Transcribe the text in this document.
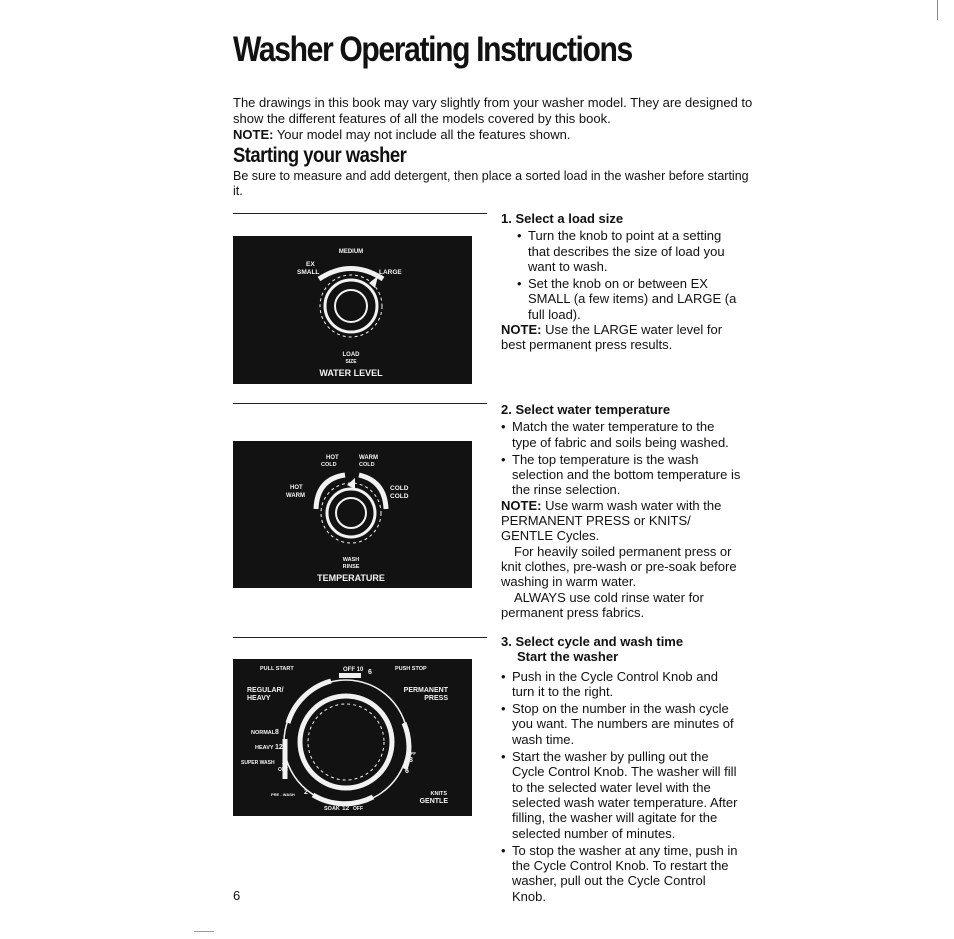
Washer Operating Instructions

The drawings in this book may vary slightly from your washer model. They are designed to show the different features of all the models covered by this book.

NOTE: Your model may not include all the features shown.

Starting your washer
Be sure to measure and add detergent, then place a sorted load in the washer before starting it.
MEDIUM
EX
SMALL	LARGE
LOAD
SIZE
WATER LEVEL

1. Select a load size

• Turn the knob to point at a setting that describes the size of load you want to wash.
• Set the knob on or between EX SMALL (a few items) and LARGE (a full load).

NOTE: Use the LARGE water level for best permanent press results.

HOT
COLD
WARM
COLD
HOT
WARM
COLD
COLD
WASH
RINSE
TEMPERATURE

2. Select water temperature

• Match the water temperature to the type of fabric and soils being washed.
• The top temperature is the wash selection and the bottom temperature is the rinse selection.

NOTE: Use warm wash water with the PERMANENT PRESS or KNITS/ GENTLE Cycles.

For heavily soiled permanent press or knit clothes, pre-wash or pre-soak before washing in warm water.

ALWAYS use cold rinse water for permanent press fabrics.

PULL START	PUSH STOP
OFF 10 6
REGULAR/
HEAVY
PERMANENT
PRESS
NORMAL 8
HEAVY 12
SUPER WASH 2
OFF
OFF
8
6
PRE - WASH 2
SOAK 12 OFF
KNITS
GENTLE

3. Select cycle and wash time

Start the washer

• Push in the Cycle Control Knob and turn it to the right.
• Stop on the number in the wash cycle you want. The numbers are minutes of wash time.
• Start the washer by pulling out the Cycle Control Knob. The washer will fill to the selected water level with the selected wash water temperature. After filling, the washer will agitate for the selected number of minutes.
• To stop the washer at any time, push in the Cycle Control Knob. To restart the washer, pull out the Cycle Control Knob.
6
